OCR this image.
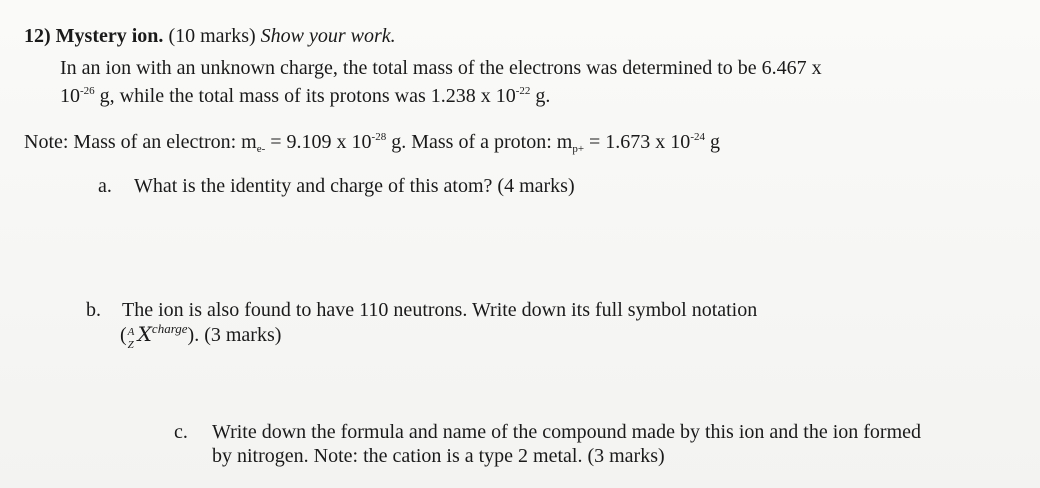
12) Mystery ion. (10 marks) Show your work.
In an ion with an unknown charge, the total mass of the electrons was determined to be 6.467 x
$10^{-26}$ g, while the total mass of its protons was 1.238 x $10^{-22}$ g.
Note: Mass of an electron: $m_{e-} = 9.109$ x $10^{-28}$ g. Mass of a proton: $m_{p+} = 1.673$ x $10^{-24}$ g
a. What is the identity and charge of this atom? (4 marks)
b. The ion is also found to have 110 neutrons. Write down its full symbol notation
( A
Z $X^{charge}$). (3 marks)
c. Write down the formula and name of the compound made by this ion and the ion formed
by nitrogen. Note: the cation is a type 2 metal. (3 marks)
